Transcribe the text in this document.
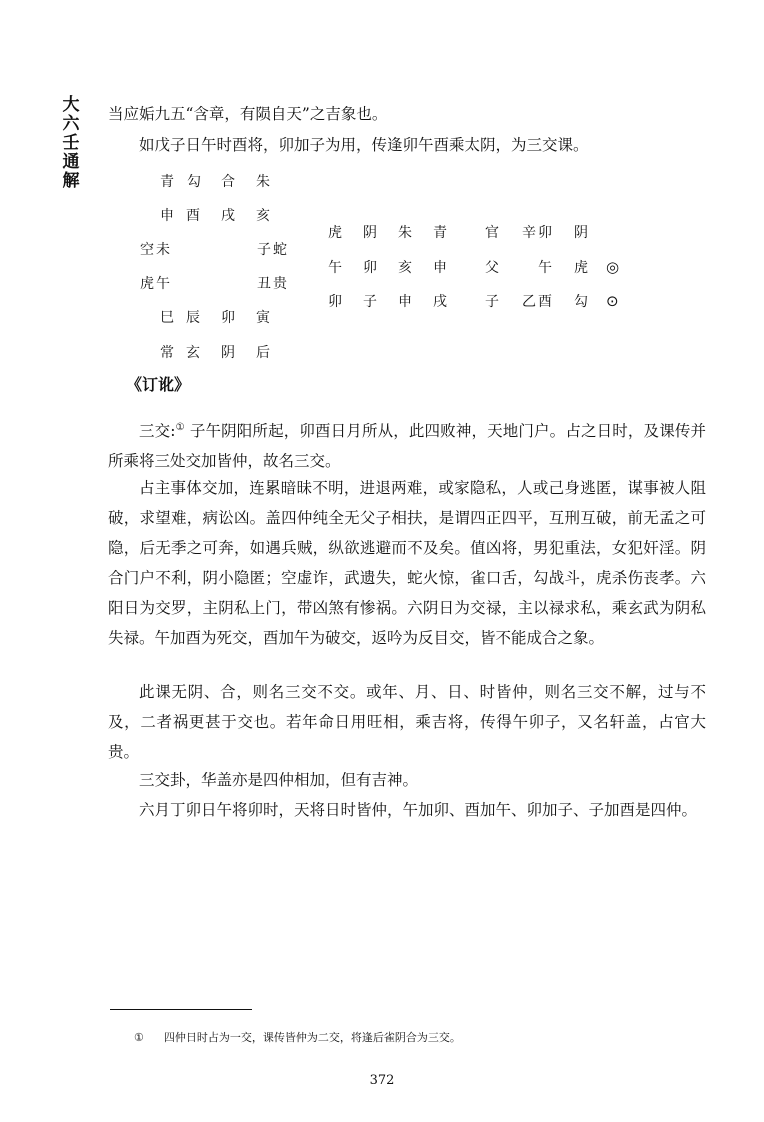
大六壬通解

当应姤九五“含章，有陨自天”之吉象也。

如戊子日午时酉将，卯加子为用，传逢卯午酉乘太阴，为三交课。

青 勾 合 朱
申 酉 戌 亥
空 未	子 蛇
虎 午	丑 贵
巳 辰 卯 寅
常 玄 阴 后
虎 阴 朱 青
午 卯 亥 申
卯 子 申 戌
官 辛 卯 阴
父	午 虎 ◎
子 乙 酉 勾 ⊙
《订讹》

三交:① 子午阴阳所起，卯酉日月所从，此四败神，天地门户。占之日时，及课传并所乘将三处交加皆仲，故名三交。

占主事体交加，连累暗昧不明，进退两难，或家隐私，人或己身逃匿，谋事被人阻破，求望难，病讼凶。盖四仲纯全无父子相扶，是谓四正四平，互刑互破，前无孟之可隐，后无季之可奔，如遇兵贼，纵欲逃避而不及矣。值凶将，男犯重法，女犯奸淫。阴合门户不利，阴小隐匿；空虚诈，武遗失，蛇火惊，雀口舌，勾战斗，虎杀伤丧孝。六阳日为交罗，主阴私上门，带凶煞有惨祸。六阴日为交禄，主以禄求私，乘玄武为阴私失禄。午加酉为死交，酉加午为破交，返吟为反目交，皆不能成合之象。

此课无阴、合，则名三交不交。或年、月、日、时皆仲，则名三交不解，过与不及，二者祸更甚于交也。若年命日用旺相，乘吉将，传得午卯子，又名轩盖，占官大贵。

三交卦，华盖亦是四仲相加，但有吉神。

六月丁卯日午将卯时，天将日时皆仲，午加卯、酉加午、卯加子、子加酉是四仲。

① 四仲日时占为一交，课传皆仲为二交，将逢后雀阴合为三交。
372
